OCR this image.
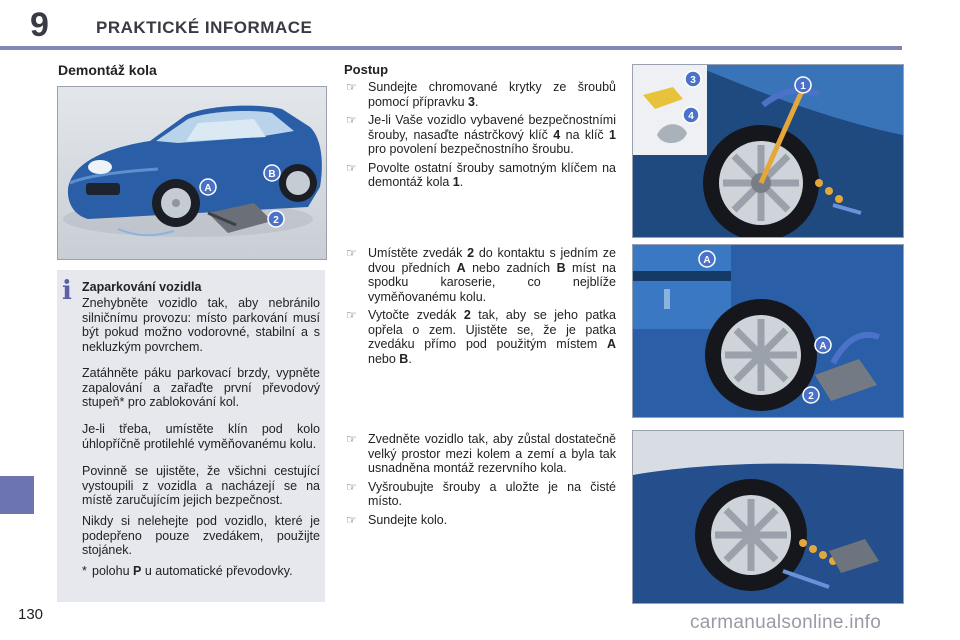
9	PRAKTICKÉ INFORMACE
Demontáž kola
A
B
2
i Zaparkování vozidla
Znehybněte vozidlo tak, aby nebránilo silničnímu provozu: místo parkování musí být pokud možno vodorovné, stabilní a s nekluzkým povrchem.
Zatáhněte páku parkovací brzdy, vypněte zapalování a zařaďte první převodový stupeň* pro zablokování kol.
Je-li třeba, umístěte klín pod kolo úhlopříčně protilehlé vyměňovanému kolu.
Povinně se ujistěte, že všichni cestující vystoupili z vozidla a nacházejí se na místě zaručujícím jejich bezpečnost.
Nikdy si nelehejte pod vozidlo, které je podepřeno pouze zvedákem, použijte stojánek.
* polohu P u automatické převodovky.
Postup
☞ Sundejte chromované krytky ze šroubů pomocí přípravku 3.
☞ Je-li Vaše vozidlo vybavené bezpečnostními šrouby, nasaďte nástrčkový klíč 4 na klíč 1 pro povolení bezpečnostního šroubu.
☞ Povolte ostatní šrouby samotným klíčem na demontáž kola 1.
☞ Umístěte zvedák 2 do kontaktu s jedním ze dvou předních A nebo zadních B míst na spodku karoserie, co nejblíže vyměňovanému kolu.
☞ Vytočte zvedák 2 tak, aby se jeho patka opřela o zem. Ujistěte se, že je patka zvedáku přímo pod použitým místem A nebo B.
☞ Zvedněte vozidlo tak, aby zůstal dostatečně velký prostor mezi kolem a zemí a byla tak usnadněna montáž rezervního kola.
☞ Vyšroubujte šrouby a uložte je na čisté místo.
☞ Sundejte kolo.
3
4
1
A
A
2
130	carmanualsonline.info
